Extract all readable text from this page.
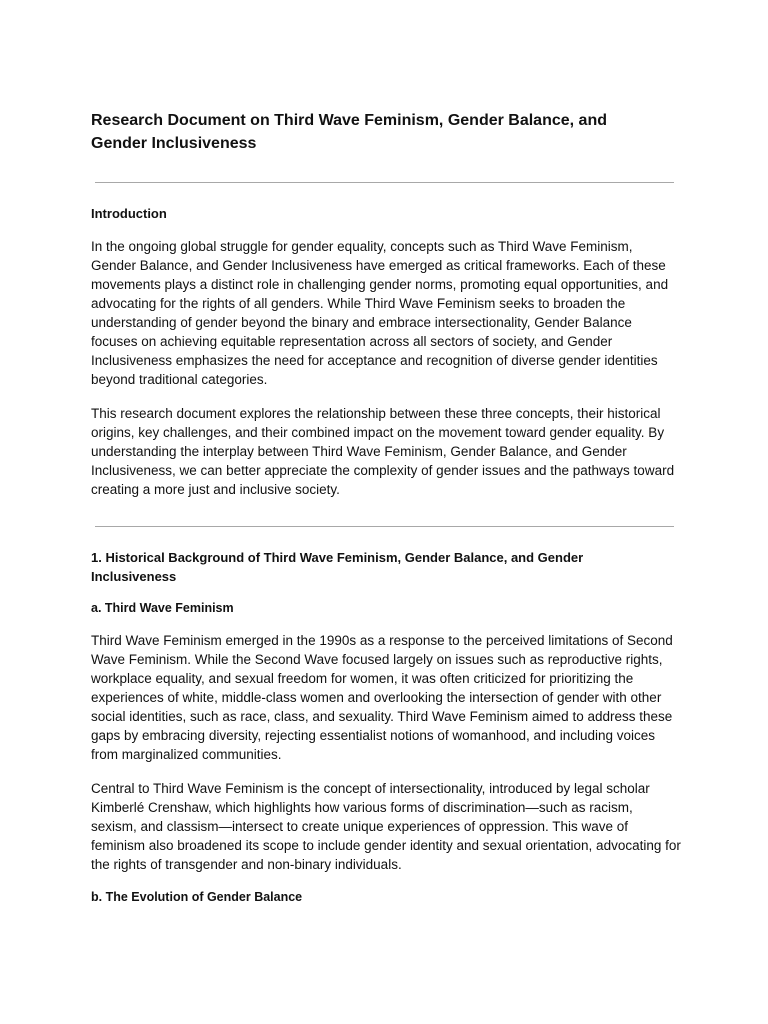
Research Document on Third Wave Feminism, Gender Balance, and Gender Inclusiveness
Introduction

In the ongoing global struggle for gender equality, concepts such as Third Wave Feminism, Gender Balance, and Gender Inclusiveness have emerged as critical frameworks. Each of these movements plays a distinct role in challenging gender norms, promoting equal opportunities, and advocating for the rights of all genders. While Third Wave Feminism seeks to broaden the understanding of gender beyond the binary and embrace intersectionality, Gender Balance focuses on achieving equitable representation across all sectors of society, and Gender Inclusiveness emphasizes the need for acceptance and recognition of diverse gender identities beyond traditional categories.

This research document explores the relationship between these three concepts, their historical origins, key challenges, and their combined impact on the movement toward gender equality. By understanding the interplay between Third Wave Feminism, Gender Balance, and Gender Inclusiveness, we can better appreciate the complexity of gender issues and the pathways toward creating a more just and inclusive society.

1. Historical Background of Third Wave Feminism, Gender Balance, and Gender Inclusiveness
a. Third Wave Feminism

Third Wave Feminism emerged in the 1990s as a response to the perceived limitations of Second Wave Feminism. While the Second Wave focused largely on issues such as reproductive rights, workplace equality, and sexual freedom for women, it was often criticized for prioritizing the experiences of white, middle-class women and overlooking the intersection of gender with other social identities, such as race, class, and sexuality. Third Wave Feminism aimed to address these gaps by embracing diversity, rejecting essentialist notions of womanhood, and including voices from marginalized communities.

Central to Third Wave Feminism is the concept of intersectionality, introduced by legal scholar Kimberlé Crenshaw, which highlights how various forms of discrimination—such as racism, sexism, and classism—intersect to create unique experiences of oppression. This wave of feminism also broadened its scope to include gender identity and sexual orientation, advocating for the rights of transgender and non-binary individuals.

b. The Evolution of Gender Balance
